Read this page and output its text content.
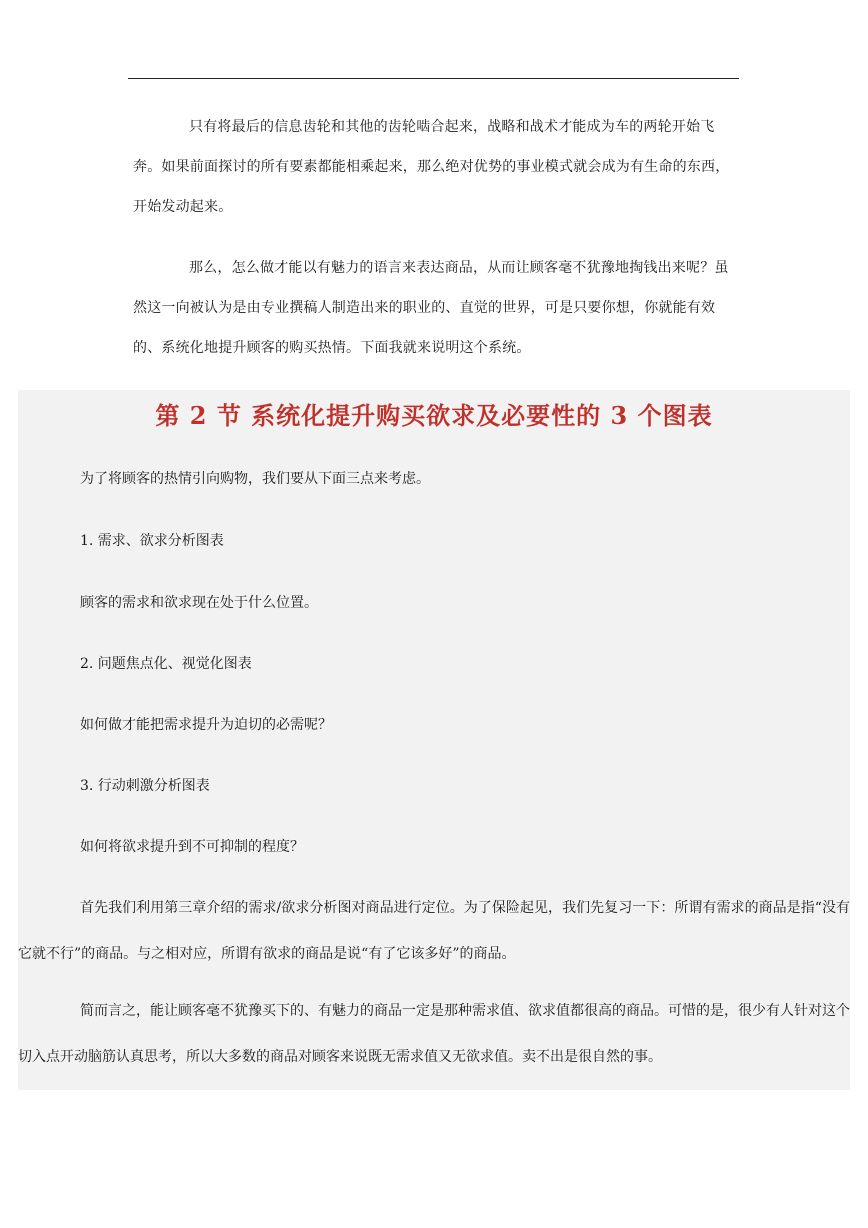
只有将最后的信息齿轮和其他的齿轮啮合起来，战略和战术才能成为车的两轮开始飞奔。如果前面探讨的所有要素都能相乘起来，那么绝对优势的事业模式就会成为有生命的东西，开始发动起来。

那么，怎么做才能以有魅力的语言来表达商品，从而让顾客毫不犹豫地掏钱出来呢？虽然这一向被认为是由专业撰稿人制造出来的职业的、直觉的世界，可是只要你想，你就能有效的、系统化地提升顾客的购买热情。下面我就来说明这个系统。

第 2 节 系统化提升购买欲求及必要性的 3 个图表

为了将顾客的热情引向购物，我们要从下面三点来考虑。

1. 需求、欲求分析图表

顾客的需求和欲求现在处于什么位置。

2. 问题焦点化、视觉化图表

如何做才能把需求提升为迫切的必需呢？

3. 行动刺激分析图表

如何将欲求提升到不可抑制的程度？

首先我们利用第三章介绍的需求/欲求分析图对商品进行定位。为了保险起见，我们先复习一下：所谓有需求的商品是指“没有它就不行”的商品。与之相对应，所谓有欲求的商品是说“有了它该多好”的商品。

简而言之，能让顾客毫不犹豫买下的、有魅力的商品一定是那种需求值、欲求值都很高的商品。可惜的是，很少有人针对这个切入点开动脑筋认真思考，所以大多数的商品对顾客来说既无需求值又无欲求值。卖不出是很自然的事。
